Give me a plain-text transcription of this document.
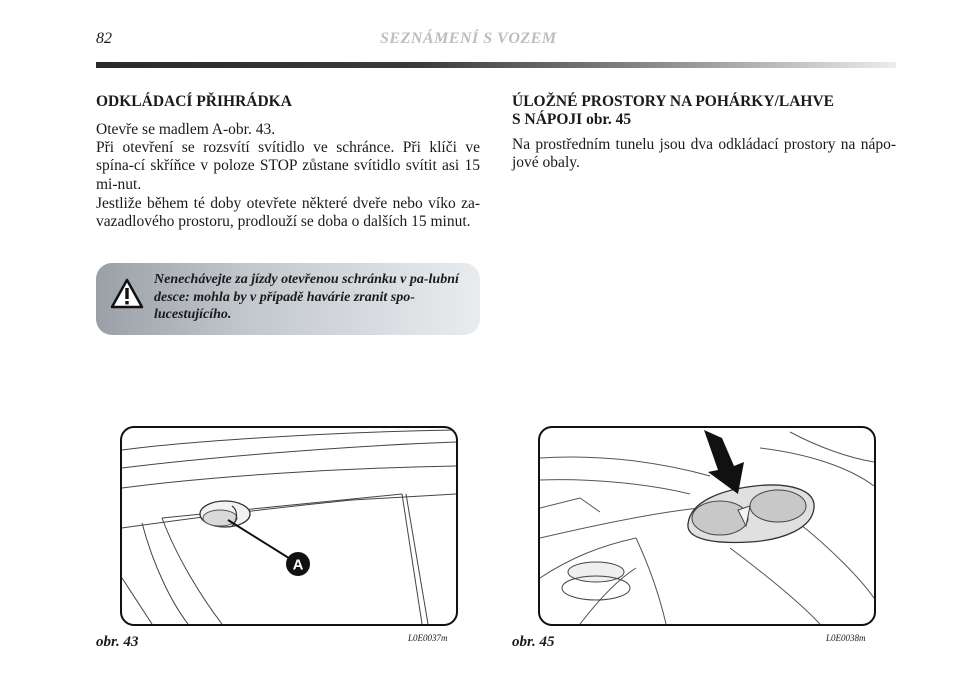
82	SEZNÁMENÍ S VOZEM
ODKLÁDACÍ PŘIHRÁDKA

Otevře se madlem A-obr. 43.

Při otevření se rozsvítí svítidlo ve schránce. Při klíči ve spína-cí skříňce v poloze STOP zůstane svítidlo svítit asi 15 mi-nut.

Jestliže během té doby otevřete některé dveře nebo víko za-vazadlového prostoru, prodlouží se doba o dalších 15 minut.

Nenechávejte za jízdy otevřenou schránku v pa-lubní desce: mohla by v případě havárie zranit spo-lucestujícího.

ÚLOŽNÉ PROSTORY NA POHÁRKY/LAHVE
S NÁPOJI obr. 45

Na prostředním tunelu jsou dva odkládací prostory na nápo-jové obaly.

A
obr. 43	L0E0037m	obr. 45	L0E0038m
